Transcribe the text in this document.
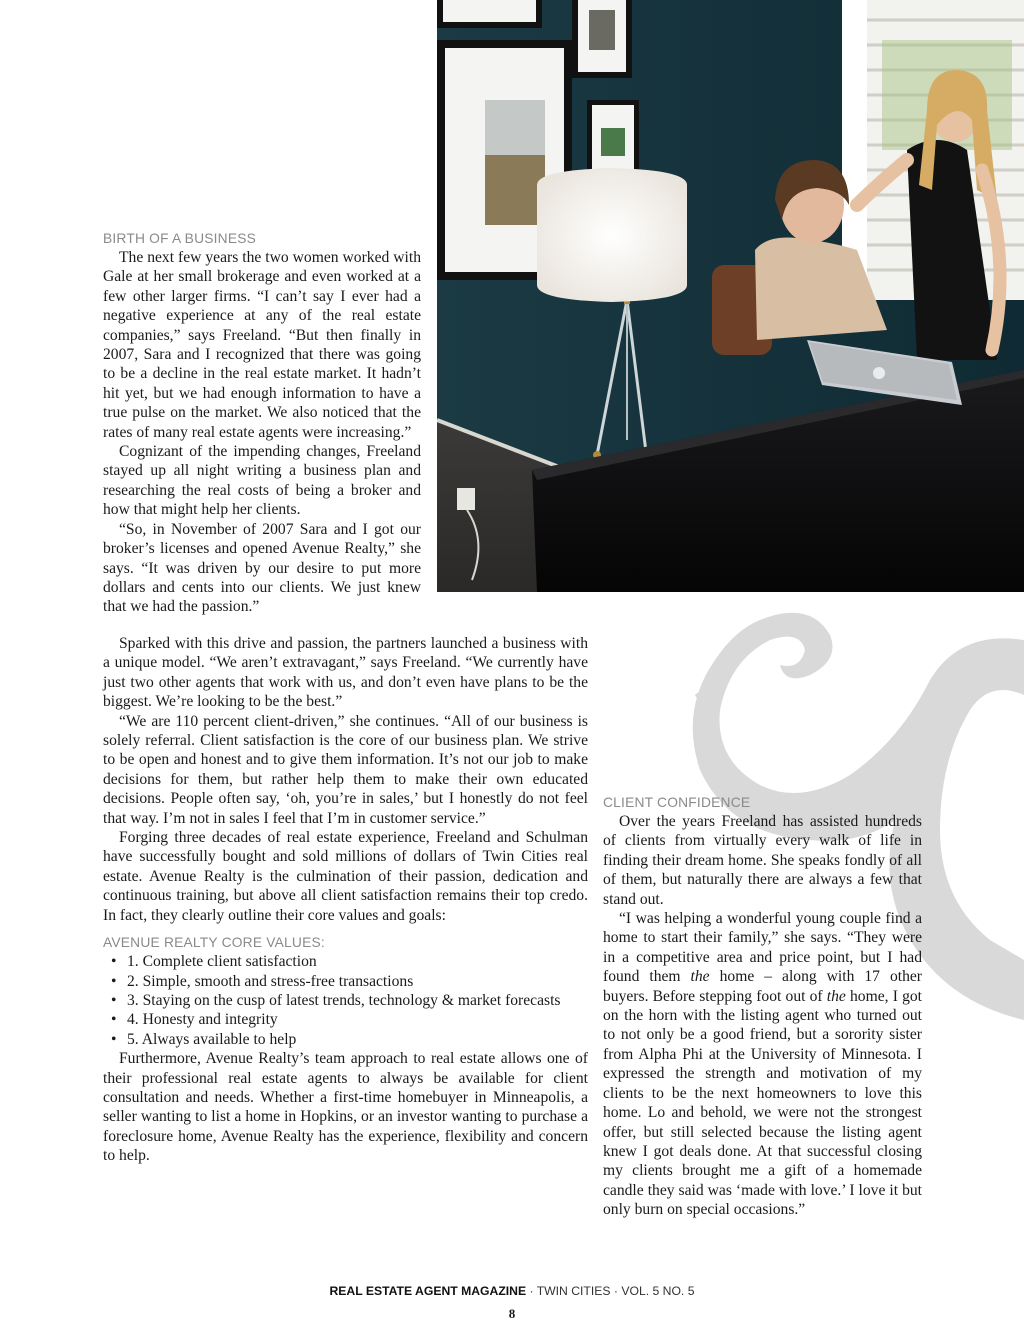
BIRTH OF A BUSINESS

The next few years the two women worked with Gale at her small brokerage and even worked at a few other larger firms. “I can’t say I ever had a negative experience at any of the real estate companies,” says Freeland. “But then finally in 2007, Sara and I recognized that there was going to be a decline in the real estate market. It hadn’t hit yet, but we had enough information to have a true pulse on the market. We also noticed that the rates of many real estate agents were increasing.”

Cognizant of the impending changes, Freeland stayed up all night writing a business plan and researching the real costs of being a broker and how that might help her clients.

“So, in November of 2007 Sara and I got our broker’s licenses and opened Avenue Realty,” she says. “It was driven by our desire to put more dollars and cents into our clients. We just knew that we had the passion.”

Sparked with this drive and passion, the partners launched a business with a unique model. “We aren’t extravagant,” says Freeland. “We currently have just two other agents that work with us, and don’t even have plans to be the biggest. We’re looking to be the best.”

“We are 110 percent client-driven,” she continues. “All of our business is solely referral. Client satisfaction is the core of our business plan. We strive to be open and honest and to give them information. It’s not our job to make decisions for them, but rather help them to make their own educated decisions. People often say, ‘oh, you’re in sales,’ but I honestly do not feel that way. I’m not in sales I feel that I’m in customer service.”

Forging three decades of real estate experience, Freeland and Schulman have successfully bought and sold millions of dollars of Twin Cities real estate. Avenue Realty is the culmination of their passion, dedication and continuous training, but above all client satisfaction remains their top credo. In fact, they clearly outline their core values and goals:

AVENUE REALTY CORE VALUES:
• 1. Complete client satisfaction
• 2. Simple, smooth and stress-free transactions
• 3. Staying on the cusp of latest trends, technology & market forecasts
• 4. Honesty and integrity
• 5. Always available to help

Furthermore, Avenue Realty’s team approach to real estate allows one of their professional real estate agents to always be available for client consultation and needs. Whether a first-time homebuyer in Minneapolis, a seller wanting to list a home in Hopkins, or an investor wanting to purchase a foreclosure home, Avenue Realty has the experience, flexibility and concern to help.

CLIENT CONFIDENCE

Over the years Freeland has assisted hundreds of clients from virtually every walk of life in finding their dream home. She speaks fondly of all of them, but naturally there are always a few that stand out.

“I was helping a wonderful young couple find a home to start their family,” she says. “They were in a competitive area and price point, but I had found them the home – along with 17 other buyers. Before stepping foot out of the home, I got on the horn with the listing agent who turned out to not only be a good friend, but a sorority sister from Alpha Phi at the University of Minnesota. I expressed the strength and motivation of my clients to be the next homeowners to love this home. Lo and behold, we were not the strongest offer, but still selected because the listing agent knew I got deals done. At that successful closing my clients brought me a gift of a homemade candle they said was ‘made with love.’ I love it but only burn on special occasions.”

REAL ESTATE AGENT MAGAZINE · TWIN CITIES · VOL. 5 NO. 5
8
